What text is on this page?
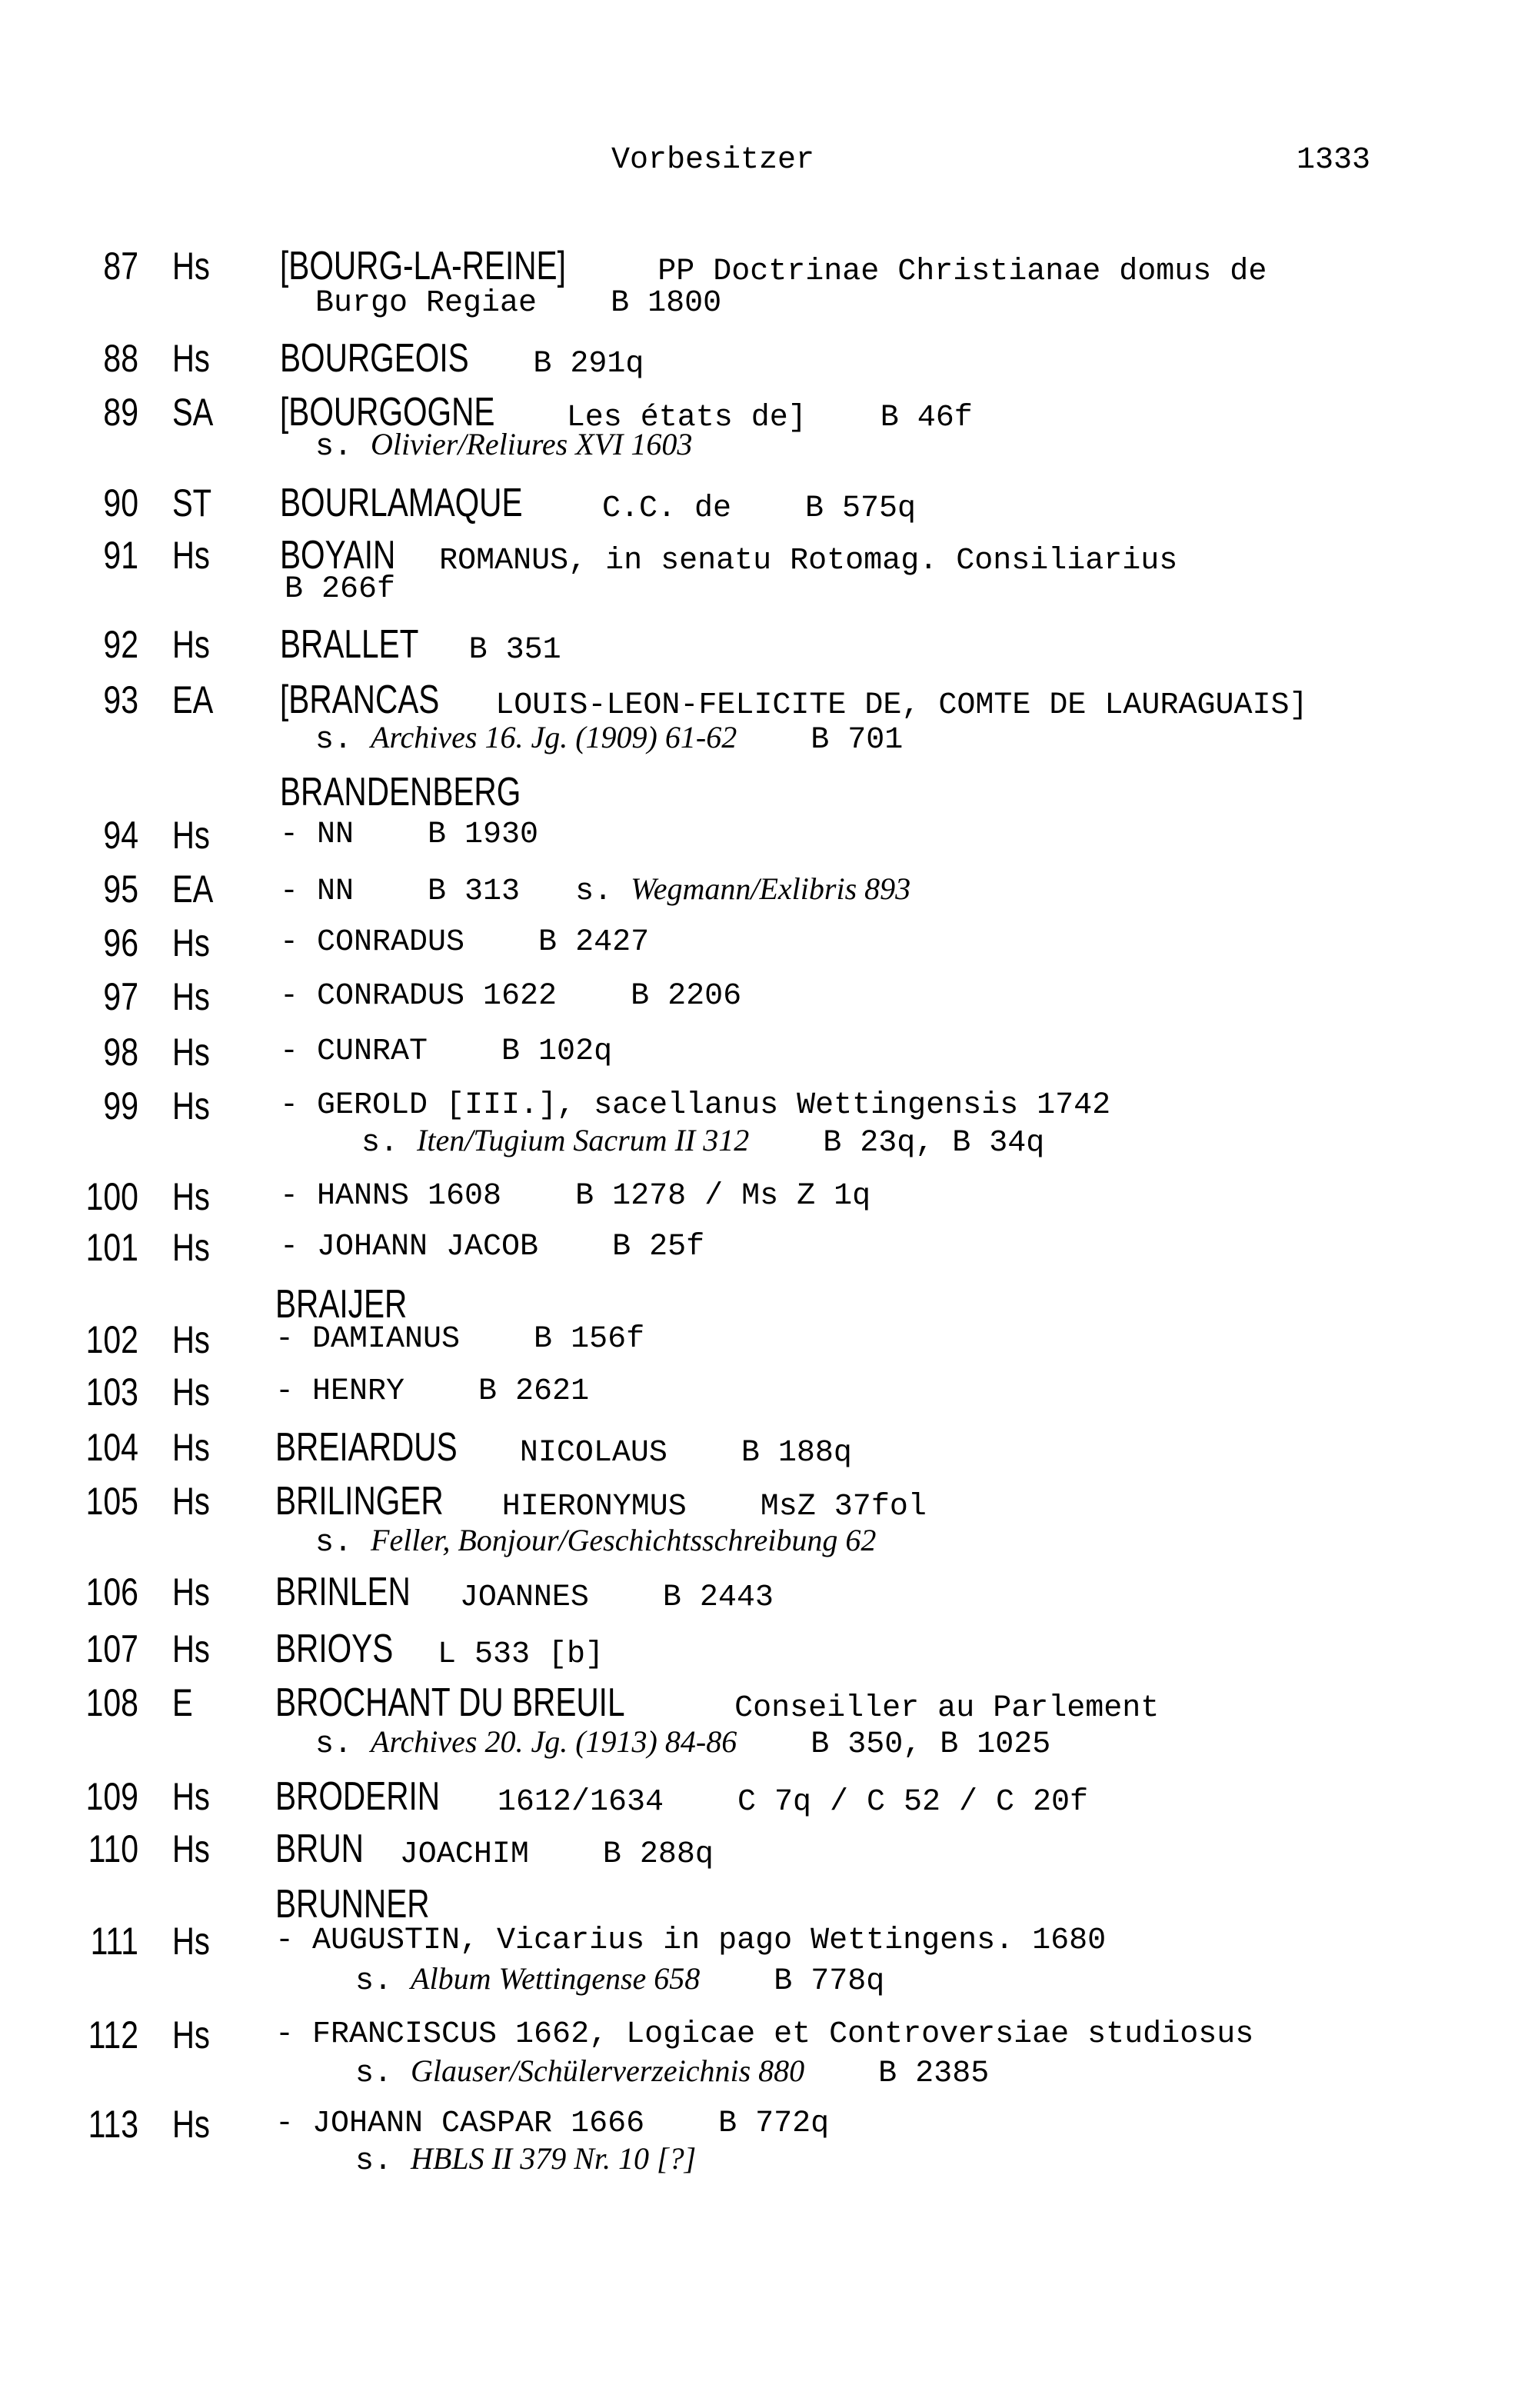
Vorbesitzer	1333
87 Hs [BOURG-LA-REINE]	PP Doctrinae Christianae domus de
Burgo Regiae    B 1800
88 Hs BOURGEOIS B 291q
89 SA [BOURGOGNE Les états de]    B 46f
s. Olivier/Reliures XVI 1603
90 ST BOURLAMAQUE C.C. de    B 575q
91 Hs BOYAIN ROMANUS, in senatu Rotomag. Consiliarius
B 266f
92 Hs BRALLET B 351
93 EA [BRANCAS LOUIS-LEON-FELICITE DE, COMTE DE LAURAGUAIS]
s. Archives 16. Jg. (1909) 61-62    B 701
BRANDENBERG
94 Hs - NN    B 1930
95 EA - NN    B 313   s. Wegmann/Exlibris 893
96 Hs - CONRADUS    B 2427
97 Hs - CONRADUS 1622    B 2206
98 Hs - CUNRAT    B 102q
99 Hs - GEROLD [III.], sacellanus Wettingensis 1742
s. Iten/Tugium Sacrum II 312    B 23q, B 34q
100 Hs - HANNS 1608    B 1278 / Ms Z 1q
101 Hs - JOHANN JACOB    B 25f
BRAIJER
102 Hs - DAMIANUS    B 156f
103 Hs - HENRY    B 2621
104 Hs BREIARDUS NICOLAUS    B 188q
105 Hs BRILINGER HIERONYMUS    MsZ 37fol
s. Feller, Bonjour/Geschichtsschreibung 62
106 Hs BRINLEN JOANNES    B 2443
107 Hs BRIOYS L 533 [b]
108 E BROCHANT DU BREUIL	Conseiller au Parlement
s. Archives 20. Jg. (1913) 84-86    B 350, B 1025
109 Hs BRODERIN 1612/1634    C 7q / C 52 / C 20f
110 Hs BRUN JOACHIM    B 288q
BRUNNER
111 Hs - AUGUSTIN, Vicarius in pago Wettingens. 1680
s. Album Wettingense 658    B 778q
112 Hs - FRANCISCUS 1662, Logicae et Controversiae studiosus
s. Glauser/Schülerverzeichnis 880    B 2385
113 Hs - JOHANN CASPAR 1666    B 772q
s. HBLS II 379 Nr. 10 [?]
